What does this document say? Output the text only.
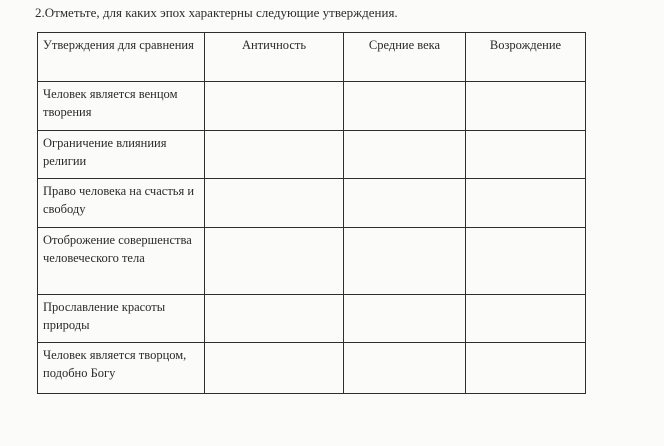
2.Отметьте, для каких эпох характерны следующие утверждения.
Утверждения для сравнения	Античность	Средние века	Возрождение
Человек является венцом творения			
Ограничение влияниия религии			
Право человека на счастья и свободу			
Отоброжение совершенства человеческого тела			
Прославление красоты природы			
Человек является творцом, подобно Богу			
